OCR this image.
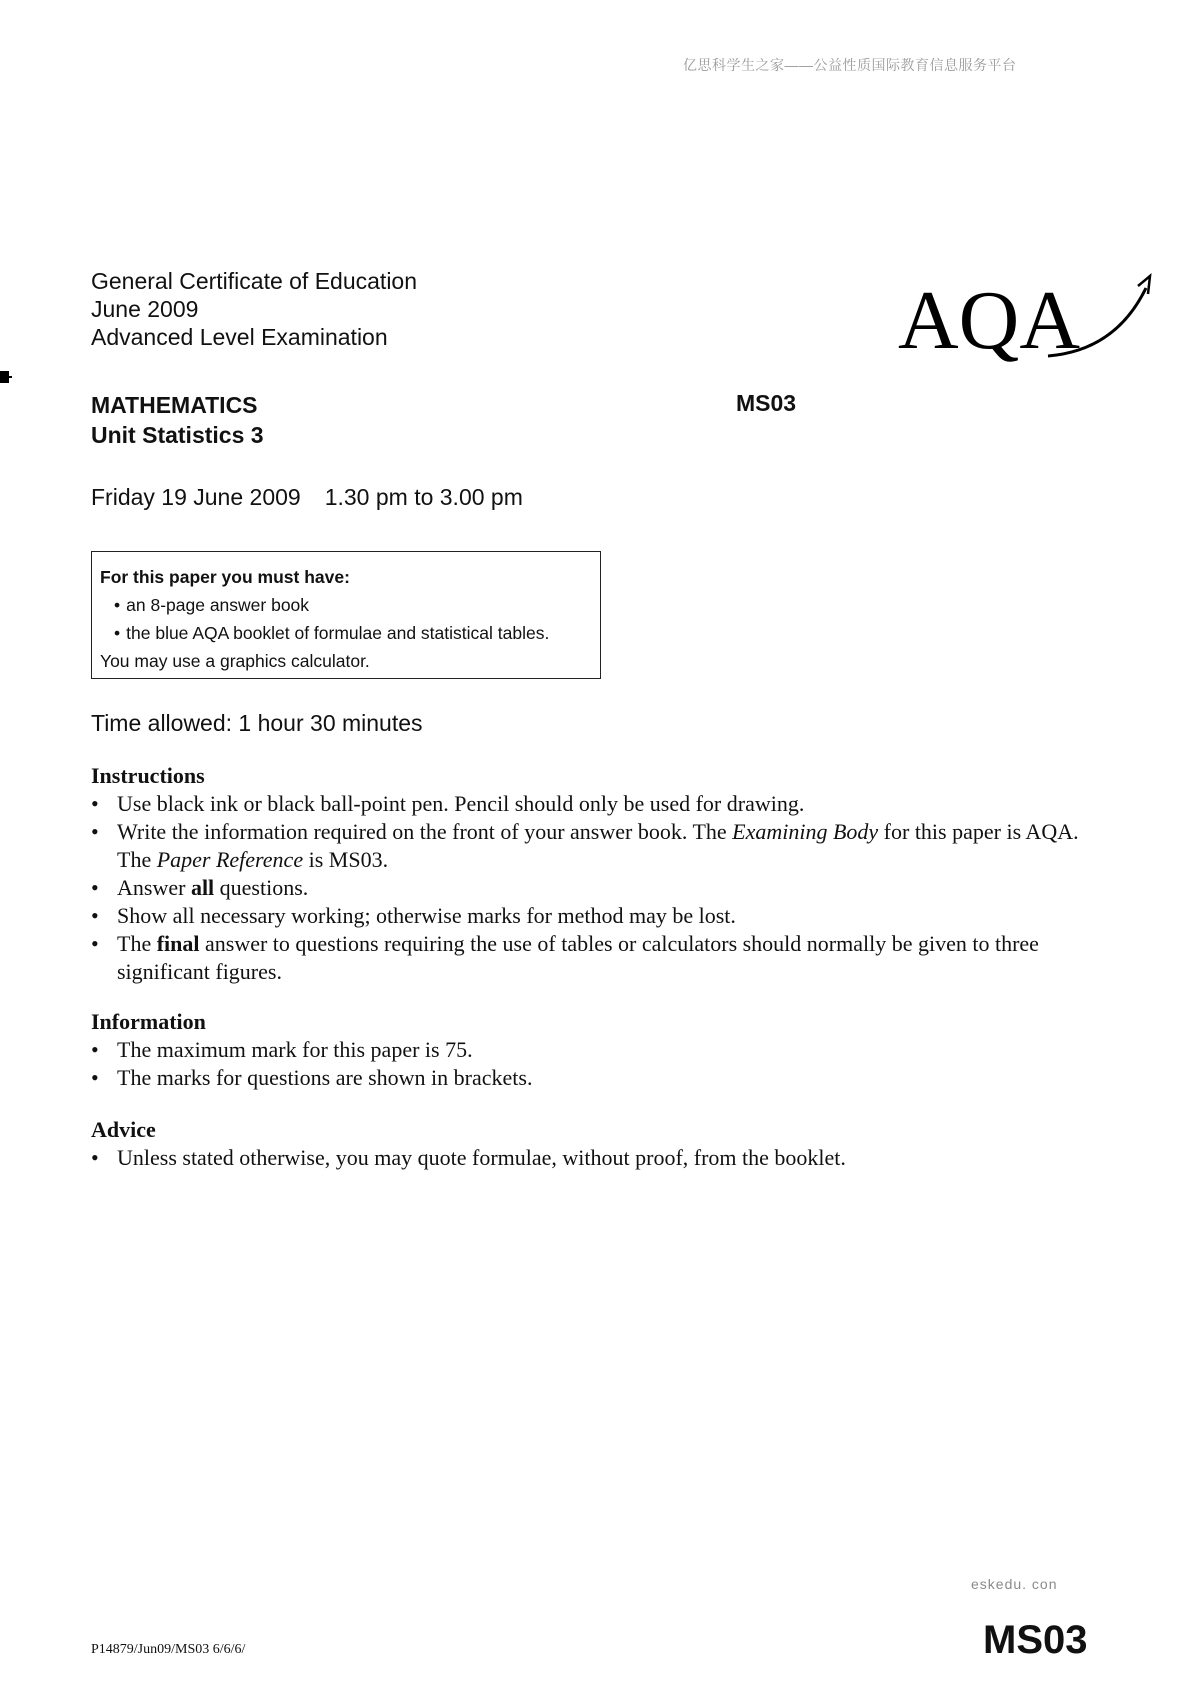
亿思科学生之家——公益性质国际教育信息服务平台
General Certificate of Education
June 2009
Advanced Level Examination	AQA
MATHEMATICS
Unit Statistics 3
MS03
Friday 19 June 2009 1.30 pm to 3.00 pm
For this paper you must have:
• an 8-page answer book
• the blue AQA booklet of formulae and statistical tables.
You may use a graphics calculator.
Time allowed: 1 hour 30 minutes
Instructions
• Use black ink or black ball-point pen. Pencil should only be used for drawing.
• Write the information required on the front of your answer book. The Examining Body for this paper is AQA. The Paper Reference is MS03.
• Answer all questions.
• Show all necessary working; otherwise marks for method may be lost.
• The final answer to questions requiring the use of tables or calculators should normally be given to three significant figures.
Information
• The maximum mark for this paper is 75.
• The marks for questions are shown in brackets.
Advice
• Unless stated otherwise, you may quote formulae, without proof, from the booklet.
eskedu. con
P14879/Jun09/MS03 6/6/6/	MS03
